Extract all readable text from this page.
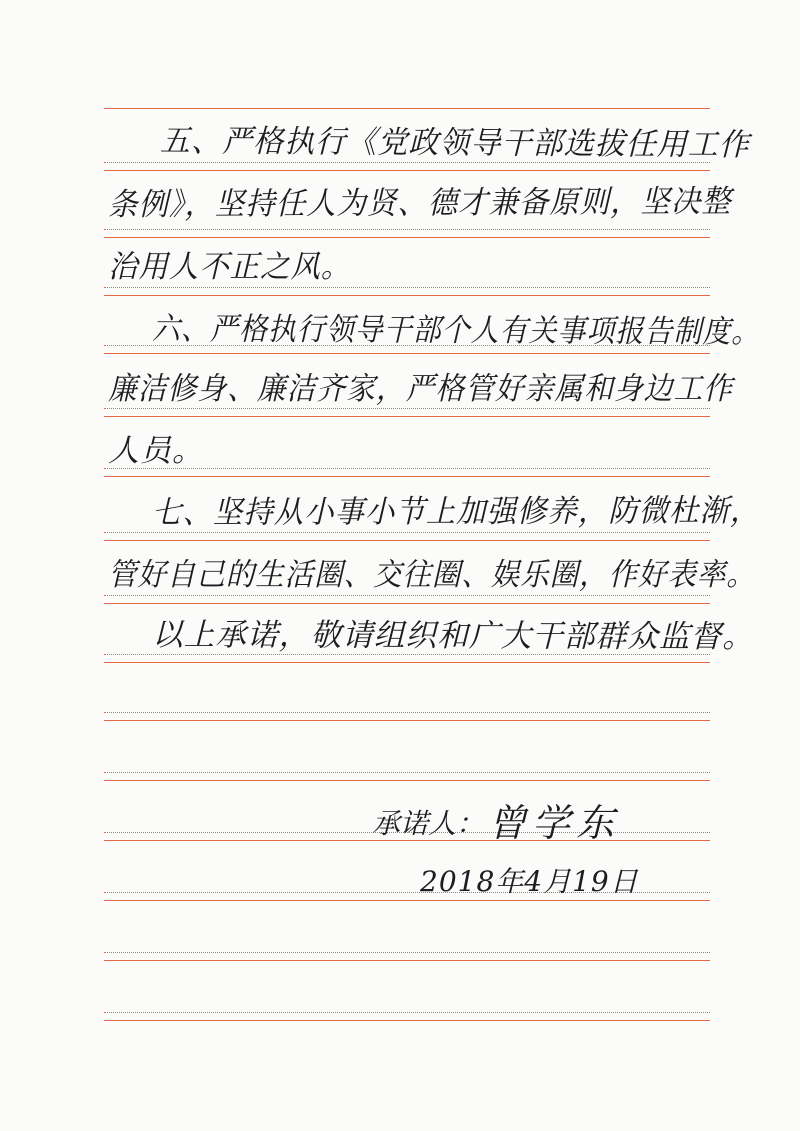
五、严格执行《党政领导干部选拔任用工作
条例》，坚持任人为贤、德才兼备原则，坚决整
治用人不正之风。
六、严格执行领导干部个人有关事项报告制度。
廉洁修身、廉洁齐家，严格管好亲属和身边工作
人员。
七、坚持从小事小节上加强修养，防微杜渐，
管好自己的生活圈、交往圈、娱乐圈，作好表率。
以上承诺，敬请组织和广大干部群众监督。
承诺人： 曾学东
2018年4月19日
